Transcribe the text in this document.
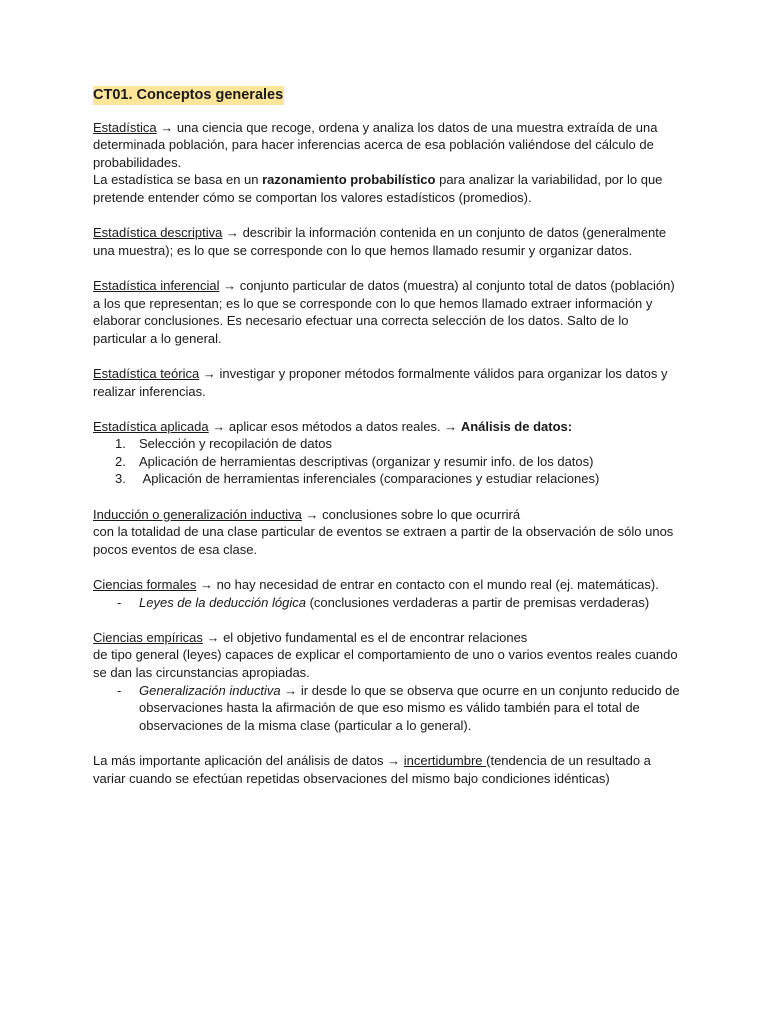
CT01. Conceptos generales

Estadística → una ciencia que recoge, ordena y analiza los datos de una muestra extraída de una determinada población, para hacer inferencias acerca de esa población valiéndose del cálculo de probabilidades.

La estadística se basa en un razonamiento probabilístico para analizar la variabilidad, por lo que pretende entender cómo se comportan los valores estadísticos (promedios).

Estadística descriptiva → describir la información contenida en un conjunto de datos (generalmente una muestra); es lo que se corresponde con lo que hemos llamado resumir y organizar datos.

Estadística inferencial → conjunto particular de datos (muestra) al conjunto total de datos (población) a los que representan; es lo que se corresponde con lo que hemos llamado extraer información y elaborar conclusiones. Es necesario efectuar una correcta selección de los datos. Salto de lo particular a lo general.

Estadística teórica → investigar y proponer métodos formalmente válidos para organizar los datos y realizar inferencias.

Estadística aplicada → aplicar esos métodos a datos reales. → Análisis de datos:

1. Selección y recopilación de datos
2. Aplicación de herramientas descriptivas (organizar y resumir info. de los datos)
3. Aplicación de herramientas inferenciales (comparaciones y estudiar relaciones)

Inducción o generalización inductiva → conclusiones sobre lo que ocurrirá

con la totalidad de una clase particular de eventos se extraen a partir de la observación de sólo unos pocos eventos de esa clase.

Ciencias formales → no hay necesidad de entrar en contacto con el mundo real (ej. matemáticas).

- Leyes de la deducción lógica (conclusiones verdaderas a partir de premisas verdaderas)

Ciencias empíricas → el objetivo fundamental es el de encontrar relaciones

de tipo general (leyes) capaces de explicar el comportamiento de uno o varios eventos reales cuando se dan las circunstancias apropiadas.

- Generalización inductiva → ir desde lo que se observa que ocurre en un conjunto reducido de observaciones hasta la afirmación de que eso mismo es válido también para el total de observaciones de la misma clase (particular a lo general).

La más importante aplicación del análisis de datos → incertidumbre (tendencia de un resultado a variar cuando se efectúan repetidas observaciones del mismo bajo condiciones idénticas)
